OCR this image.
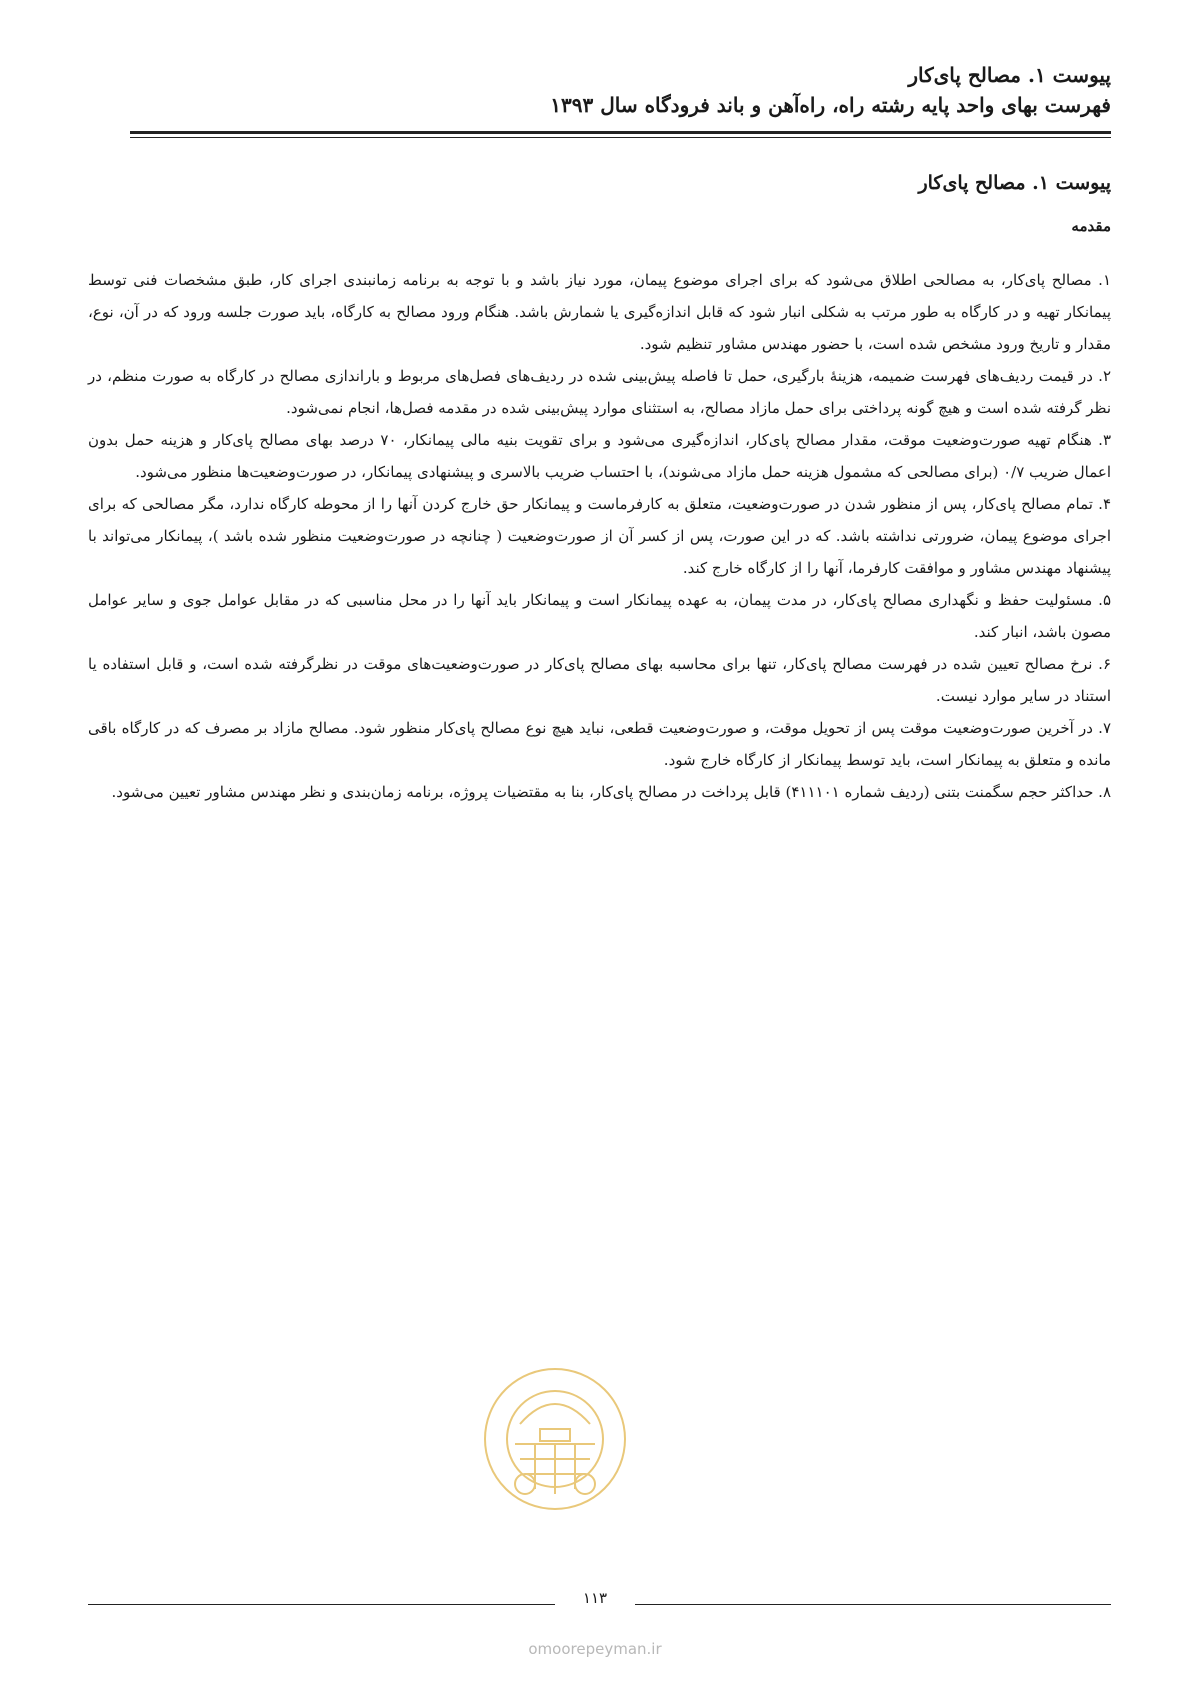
پیوست ۱. مصالح پای‌کار
فهرست بهای واحد پایه رشته راه، راه‌آهن و باند فرودگاه سال ۱۳۹۳
پیوست ۱. مصالح پای‌کار
مقدمه

۱. مصالح پای‌کار، به مصالحی اطلاق می‌شود که برای اجرای موضوع پیمان، مورد نیاز باشد و با توجه به برنامه زمانبندی اجرای کار، طبق مشخصات فنی توسط پیمانکار تهیه و در کارگاه به طور مرتب به شکلی انبار شود که قابل اندازه‌گیری یا شمارش باشد. هنگام ورود مصالح به کارگاه، باید صورت جلسه ورود که در آن، نوع، مقدار و تاریخ ورود مشخص شده است، با حضور مهندس مشاور تنظیم شود.

۲. در قیمت ردیف‌های فهرست ضمیمه، هزینهٔ بارگیری، حمل تا فاصله پیش‌بینی شده در ردیف‌های فصل‌های مربوط و باراندازی مصالح در کارگاه به صورت منظم، در نظر گرفته شده است و هیچ گونه پرداختی برای حمل مازاد مصالح، به استثنای موارد پیش‌بینی شده در مقدمه فصل‌ها، انجام نمی‌شود.

۳. هنگام تهیه صورت‌وضعیت موقت، مقدار مصالح پای‌کار، اندازه‌گیری می‌شود و برای تقویت بنیه مالی پیمانکار، ۷۰ درصد بهای مصالح پای‌کار و هزینه حمل بدون اعمال ضریب ۰/۷ (برای مصالحی که مشمول هزینه حمل مازاد می‌شوند)، با احتساب ضریب بالاسری و پیشنهادی پیمانکار، در صورت‌وضعیت‌ها منظور می‌شود.

۴. تمام مصالح پای‌کار، پس از منظور شدن در صورت‌وضعیت، متعلق به کارفرماست و پیمانکار حق خارج کردن آنها را از محوطه کارگاه ندارد، مگر مصالحی که برای اجرای موضوع پیمان، ضرورتی نداشته باشد. که در این صورت، پس از کسر آن از صورت‌وضعیت ( چنانچه در صورت‌وضعیت منظور شده باشد )، پیمانکار می‌تواند با پیشنهاد مهندس مشاور و موافقت کارفرما، آنها را از کارگاه خارج کند.

۵. مسئولیت حفظ و نگهداری مصالح پای‌کار، در مدت پیمان، به عهده پیمانکار است و پیمانکار باید آنها را در محل مناسبی که در مقابل عوامل جوی و سایر عوامل مصون باشد، انبار کند.

۶. نرخ مصالح تعیین شده در فهرست مصالح پای‌کار، تنها برای محاسبه بهای مصالح پای‌کار در صورت‌وضعیت‌های موقت در نظرگرفته شده است، و قابل استفاده یا استناد در سایر موارد نیست.

۷. در آخرین صورت‌وضعیت موقت پس از تحویل موقت، و صورت‌وضعیت قطعی، نباید هیچ نوع مصالح پای‌کار منظور شود. مصالح مازاد بر مصرف که در کارگاه باقی مانده و متعلق به پیمانکار است، باید توسط پیمانکار از کارگاه خارج شود.

۸. حداکثر حجم سگمنت بتنی (ردیف شماره ۴۱۱۱۰۱) قابل پرداخت در مصالح پای‌کار، بنا به مقتضیات پروژه، برنامه زمان‌بندی و نظر مهندس مشاور تعیین می‌شود.

۱۱۳
omoorepeyman.ir
